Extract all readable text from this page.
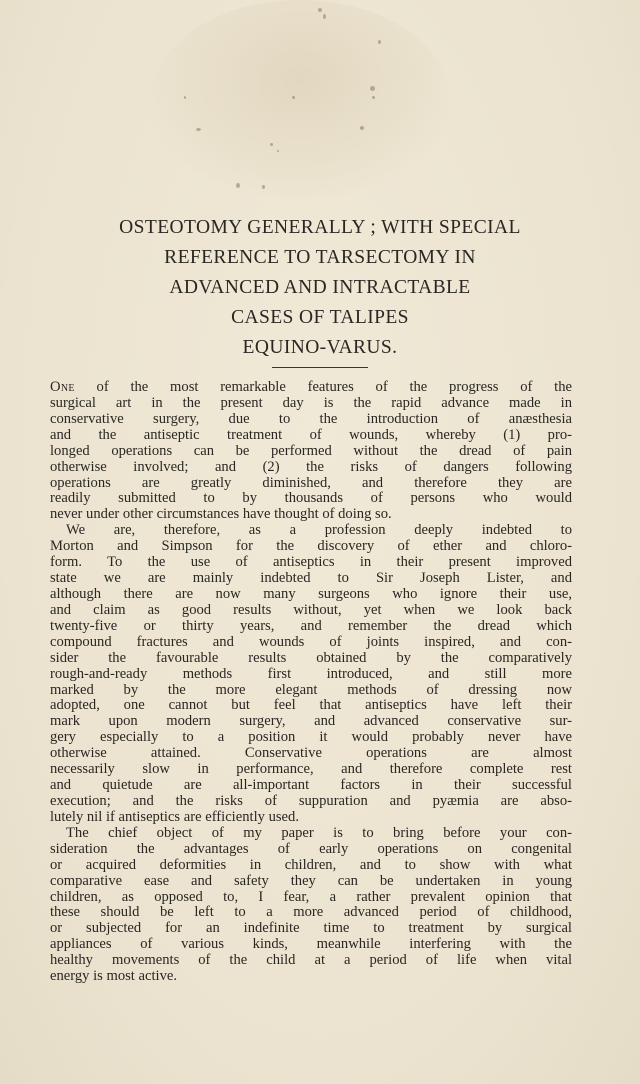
OSTEOTOMY GENERALLY ; WITH SPECIAL
REFERENCE TO TARSECTOMY IN
ADVANCED AND INTRACTABLE
CASES OF TALIPES
EQUINO-VARUS.
One of the most remarkable features of the progress of the
surgical art in the present day is the rapid advance made in
conservative surgery, due to the introduction of anæsthesia
and the antiseptic treatment of wounds, whereby (1) pro-
longed operations can be performed without the dread of pain
otherwise involved; and (2) the risks of dangers following
operations are greatly diminished, and therefore they are
readily submitted to by thousands of persons who would
never under other circumstances have thought of doing so.
We are, therefore, as a profession deeply indebted to
Morton and Simpson for the discovery of ether and chloro-
form. To the use of antiseptics in their present improved
state we are mainly indebted to Sir Joseph Lister, and
although there are now many surgeons who ignore their use,
and claim as good results without, yet when we look back
twenty-five or thirty years, and remember the dread which
compound fractures and wounds of joints inspired, and con-
sider the favourable results obtained by the comparatively
rough-and-ready methods first introduced, and still more
marked by the more elegant methods of dressing now
adopted, one cannot but feel that antiseptics have left their
mark upon modern surgery, and advanced conservative sur-
gery especially to a position it would probably never have
otherwise attained. Conservative operations are almost
necessarily slow in performance, and therefore complete rest
and quietude are all-important factors in their successful
execution; and the risks of suppuration and pyæmia are abso-
lutely nil if antiseptics are efficiently used.
The chief object of my paper is to bring before your con-
sideration the advantages of early operations on congenital
or acquired deformities in children, and to show with what
comparative ease and safety they can be undertaken in young
children, as opposed to, I fear, a rather prevalent opinion that
these should be left to a more advanced period of childhood,
or subjected for an indefinite time to treatment by surgical
appliances of various kinds, meanwhile interfering with the
healthy movements of the child at a period of life when vital
energy is most active.
